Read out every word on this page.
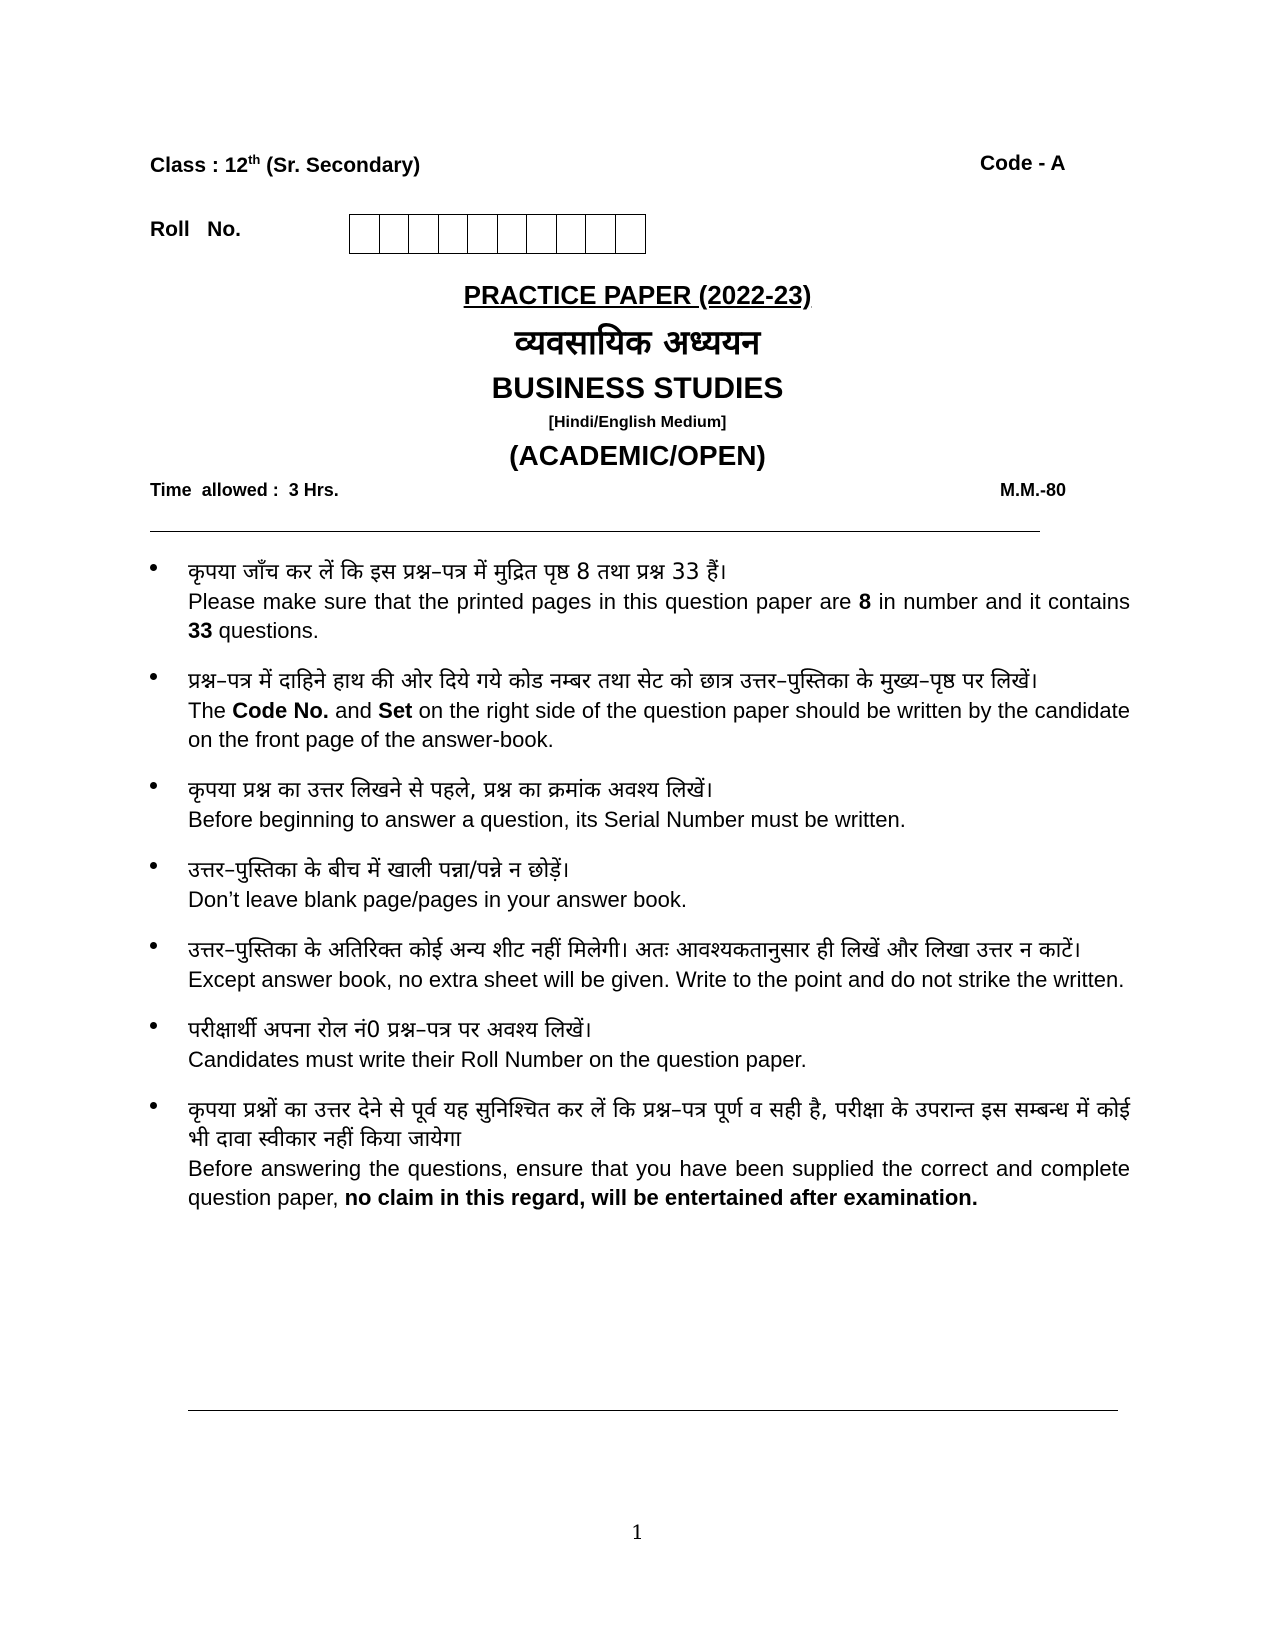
Class : 12th (Sr. Secondary)	Code - A
Roll   No.
PRACTICE PAPER (2022-23)
व्यवसायिक अध्ययन
BUSINESS STUDIES
[Hindi/English Medium]
(ACADEMIC/OPEN)
Time  allowed :  3 Hrs.	M.M.-80
कृपया जाँच कर लें कि इस प्रश्न–पत्र में मुद्रित पृष्ठ 8 तथा प्रश्न 33 हैं।
Please make sure that the printed pages in this question paper are 8 in number and it contains 33 questions.
प्रश्न–पत्र में दाहिने हाथ की ओर दिये गये कोड नम्बर तथा सेट को छात्र उत्तर–पुस्तिका के मुख्य–पृष्ठ पर लिखें।
The Code No. and Set on the right side of the question paper should be written by the candidate on the front page of the answer-book.
कृपया प्रश्न का उत्तर लिखने से पहले, प्रश्न का क्रमांक अवश्य लिखें।
Before beginning to answer a question, its Serial Number must be written.
उत्तर–पुस्तिका के बीच में खाली पन्ना/पन्ने न छोड़ें।
Don’t leave blank page/pages in your answer book.
उत्तर–पुस्तिका के अतिरिक्त कोई अन्य शीट नहीं मिलेगी। अतः आवश्यकतानुसार ही लिखें और लिखा उत्तर न काटें।
Except answer book, no extra sheet will be given. Write to the point and do not strike the written.
परीक्षार्थी अपना रोल नं0 प्रश्न–पत्र पर अवश्य लिखें।
Candidates must write their Roll Number on the question paper.
कृपया प्रश्नों का उत्तर देने से पूर्व यह सुनिश्चित कर लें कि प्रश्न–पत्र पूर्ण व सही है, परीक्षा के उपरान्त इस सम्बन्ध में कोई भी दावा स्वीकार नहीं किया जायेगा
Before answering the questions, ensure that you have been supplied the correct and complete question paper, no claim in this regard, will be entertained after examination.
1
